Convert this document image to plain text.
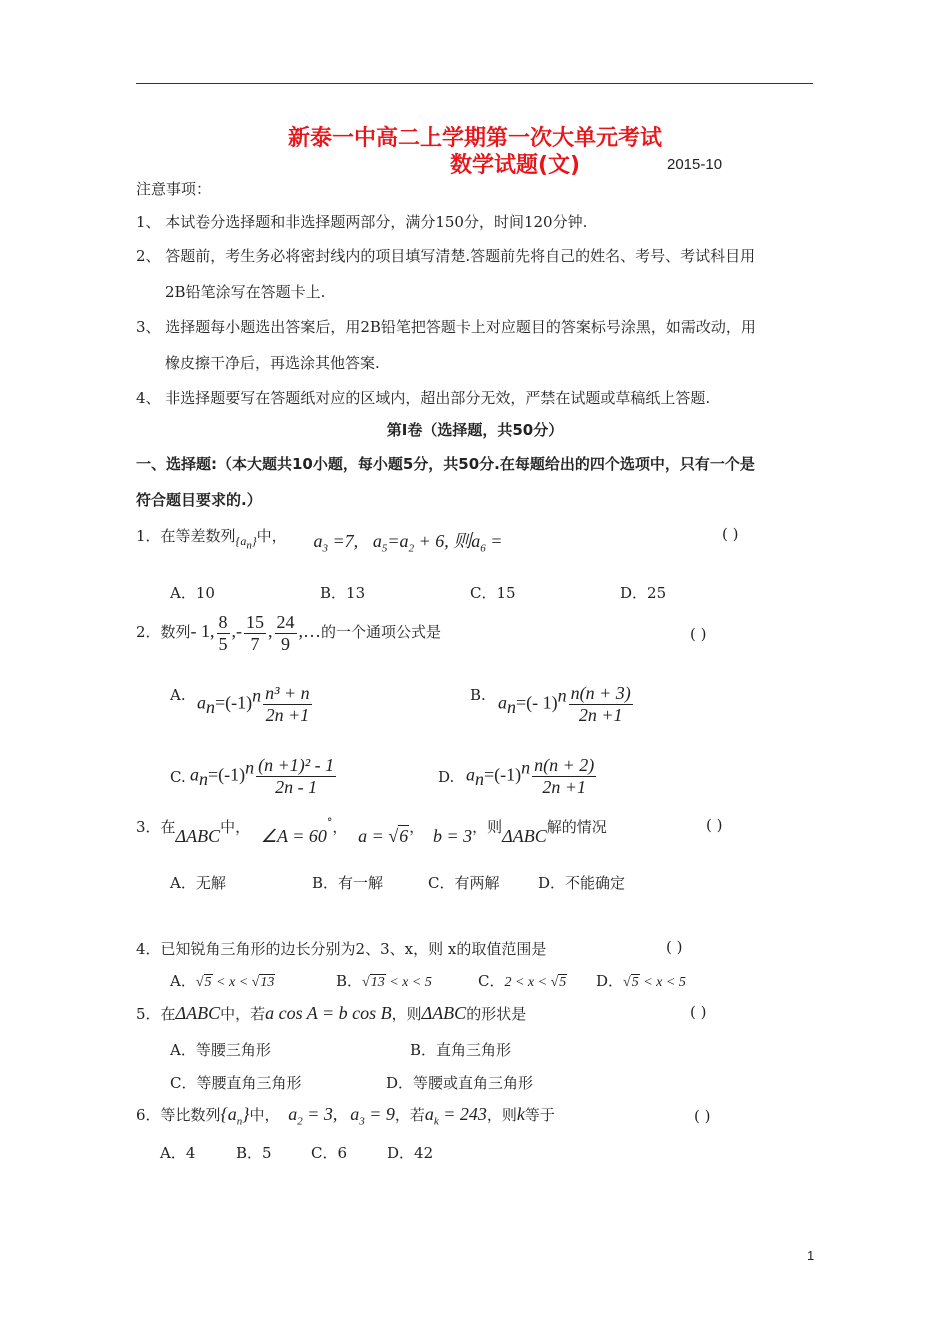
新泰一中高二上学期第一次大单元考试
数学试题(文)	2015-10
注意事项：
1、 本试卷分选择题和非选择题两部分，满分150分，时间120分钟.
2、 答题前，考生务必将密封线内的项目填写清楚.答题前先将自己的姓名、考号、考试科目用
2B铅笔涂写在答题卡上.
3、 选择题每小题选出答案后，用2B铅笔把答题卡上对应题目的答案标号涂黑，如需改动，用
橡皮擦干净后，再选涂其他答案.
4、 非选择题要写在答题纸对应的区域内，超出部分无效，严禁在试题或草稿纸上答题.
第Ⅰ卷（选择题，共50分）
一、选择题:（本大题共10小题，每小题5分，共50分.在每题给出的四个选项中，只有一个是
符合题目要求的.）
1．在等差数列$_{\{a_n\}}$中， $a_3 =7$, $a_5=a_2 + 6$, 则$a_6$ =	( )
A．10	B．13	C．15	D．25
2．数列- 1, $\frac{8}{5}$ ,- $\frac{15}{7}$ , $\frac{24}{9}$ ,…的一个通项公式是	( )
A. $a_n=(-1)^n \frac{\text{n³ + n}}{2n +1}$	B. $a_n=(-$ $1)^n \frac{n(n + 3)}{2n +1}$
C. $a_n=(-1)^n \frac{\text{(n +1)² - 1}}{2n - 1}$	D. $a_n=(-1)^n \frac{n(n + 2)}{2n +1}$
3．在ΔABC中， ∠A = 60°， a = √6， b = 3，则ΔABC解的情况	( )
A．无解	B．有一解	C．有两解	D．不能确定
4．已知锐角三角形的边长分别为2、3、x，则 x的取值范围是	( )
A．√5 < x < √13	B．√13 < x < 5	C．2 < x < √5 D．√5 < x < 5
5．在ΔABC中，若a cos A = b cos B，则ΔABC的形状是	( )
A．等腰三角形	B．直角三角形
C．等腰直角三角形	D．等腰或直角三角形
6．等比数列$\{a_n\}$中， $a_2 = 3$, $a_3 = 9$，若$a_k = 243$，则k等于	( )
A．4	B．5	C．6	D．42
1
